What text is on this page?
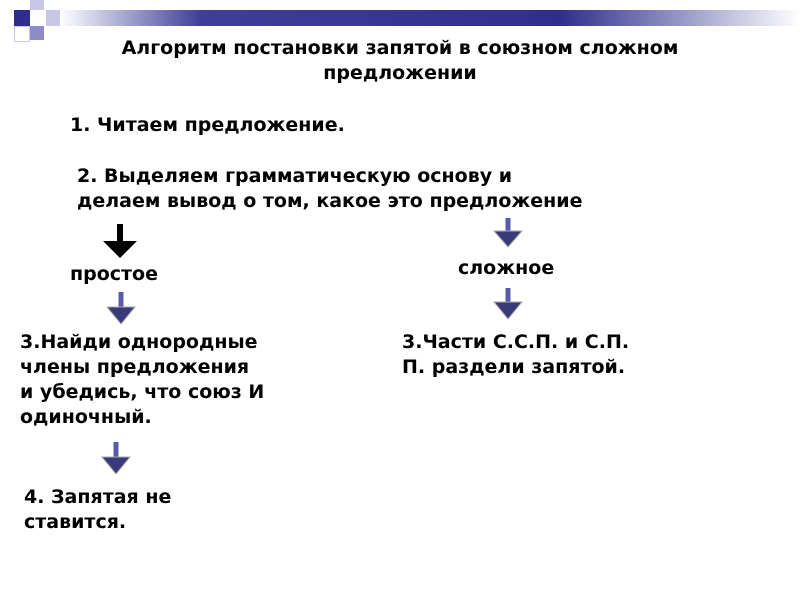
Алгоритм постановки запятой в союзном сложном
предложении
1. Читаем предложение.
2. Выделяем грамматическую основу и
делаем вывод о том, какое это предложение
простое	сложное
3.Найди однородные
члены предложения
и убедись, что союз И
одиночный.
3.Части С.С.П. и С.П.
П. раздели запятой.
4. Запятая не
ставится.
